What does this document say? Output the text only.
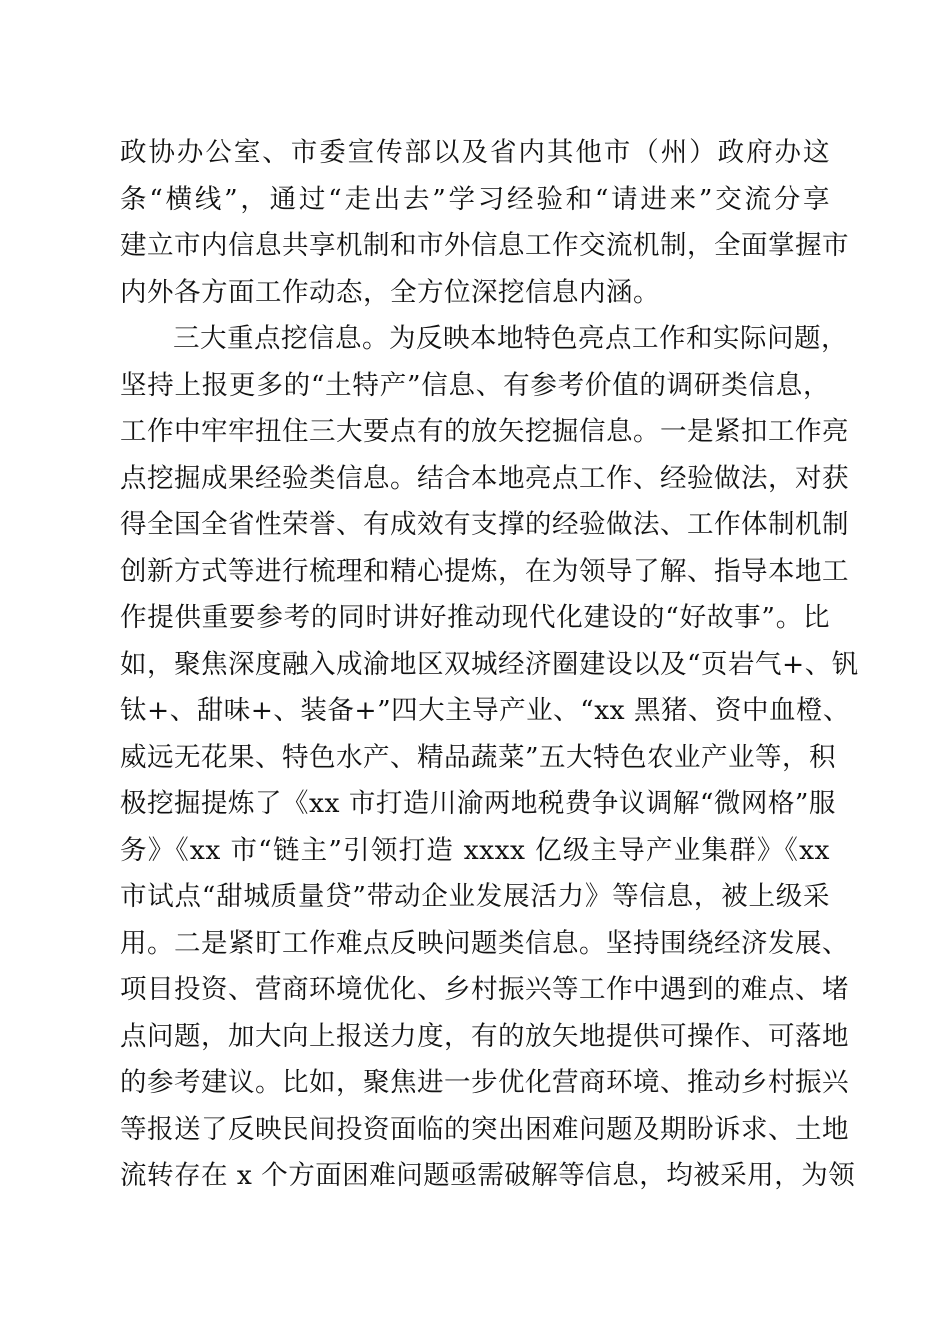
政协办公室、市委宣传部以及省内其他市（州）政府办这
条“横线”，通过“走出去”学习经验和“请进来”交流分享
建立市内信息共享机制和市外信息工作交流机制，全面掌握市
内外各方面工作动态，全方位深挖信息内涵。
三大重点挖信息。为反映本地特色亮点工作和实际问题，
坚持上报更多的“土特产”信息、有参考价值的调研类信息，
工作中牢牢扭住三大要点有的放矢挖掘信息。一是紧扣工作亮
点挖掘成果经验类信息。结合本地亮点工作、经验做法，对获
得全国全省性荣誉、有成效有支撑的经验做法、工作体制机制
创新方式等进行梳理和精心提炼，在为领导了解、指导本地工
作提供重要参考的同时讲好推动现代化建设的“好故事”。比
如，聚焦深度融入成渝地区双城经济圈建设以及“页岩气+、钒
钛+、甜味+、装备+”四大主导产业、“xx 黑猪、资中血橙、
威远无花果、特色水产、精品蔬菜”五大特色农业产业等，积
极挖掘提炼了《xx 市打造川渝两地税费争议调解“微网格”服
务》《xx 市“链主”引领打造 xxxx 亿级主导产业集群》《xx
市试点“甜城质量贷”带动企业发展活力》等信息，被上级采
用。二是紧盯工作难点反映问题类信息。坚持围绕经济发展、
项目投资、营商环境优化、乡村振兴等工作中遇到的难点、堵
点问题，加大向上报送力度，有的放矢地提供可操作、可落地
的参考建议。比如，聚焦进一步优化营商环境、推动乡村振兴
等报送了反映民间投资面临的突出困难问题及期盼诉求、土地
流转存在 x 个方面困难问题亟需破解等信息，均被采用，为领
